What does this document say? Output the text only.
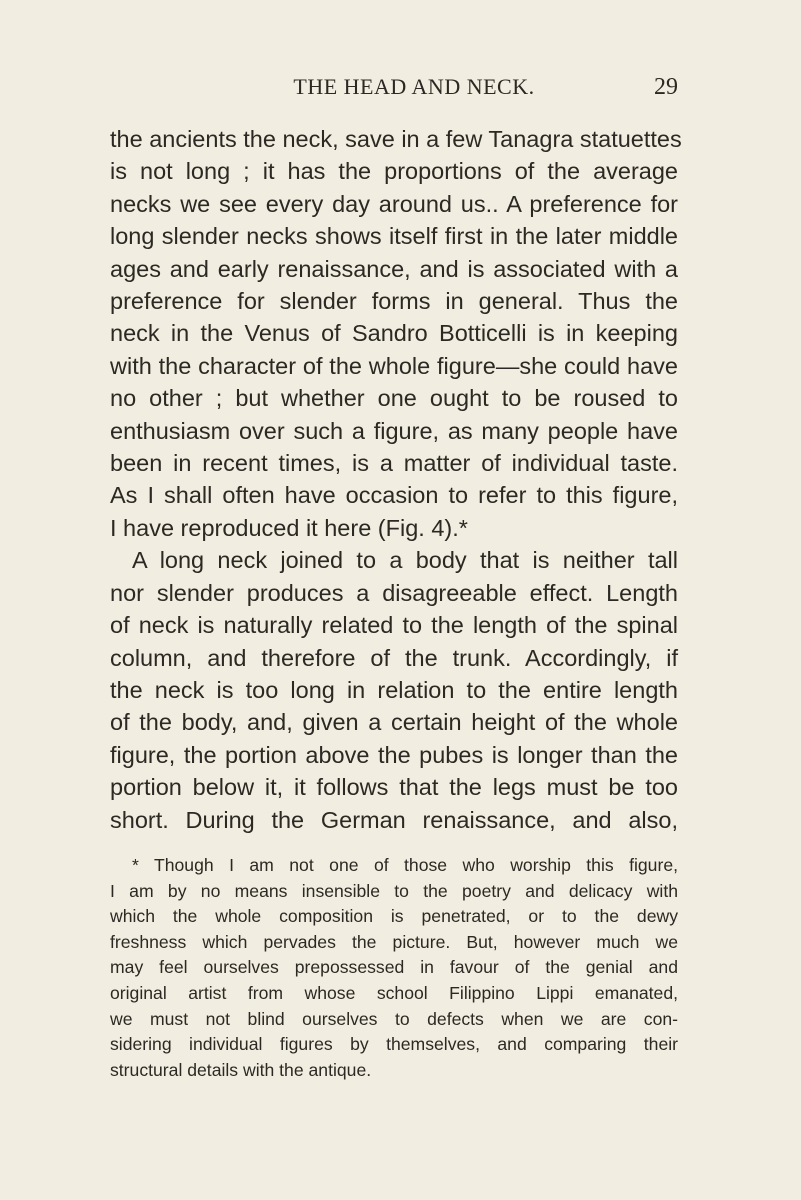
THE HEAD AND NECK.	29
the ancients the neck, save in a few Tanagra statuettes
is not long ; it has the proportions of the average
necks we see every day around us.. A preference for
long slender necks shows itself first in the later middle
ages and early renaissance, and is associated with a
preference for slender forms in general. Thus the
neck in the Venus of Sandro Botticelli is in keeping
with the character of the whole figure—she could have
no other ; but whether one ought to be roused to
enthusiasm over such a figure, as many people have
been in recent times, is a matter of individual taste.
As I shall often have occasion to refer to this figure,
I have reproduced it here (Fig. 4).*
A long neck joined to a body that is neither tall
nor slender produces a disagreeable effect. Length
of neck is naturally related to the length of the spinal
column, and therefore of the trunk. Accordingly, if
the neck is too long in relation to the entire length
of the body, and, given a certain height of the whole
figure, the portion above the pubes is longer than the
portion below it, it follows that the legs must be too
short. During the German renaissance, and also,
* Though I am not one of those who worship this figure,
I am by no means insensible to the poetry and delicacy with
which the whole composition is penetrated, or to the dewy
freshness which pervades the picture. But, however much we
may feel ourselves prepossessed in favour of the genial and
original artist from whose school Filippino Lippi emanated,
we must not blind ourselves to defects when we are con-
sidering individual figures by themselves, and comparing their
structural details with the antique.
